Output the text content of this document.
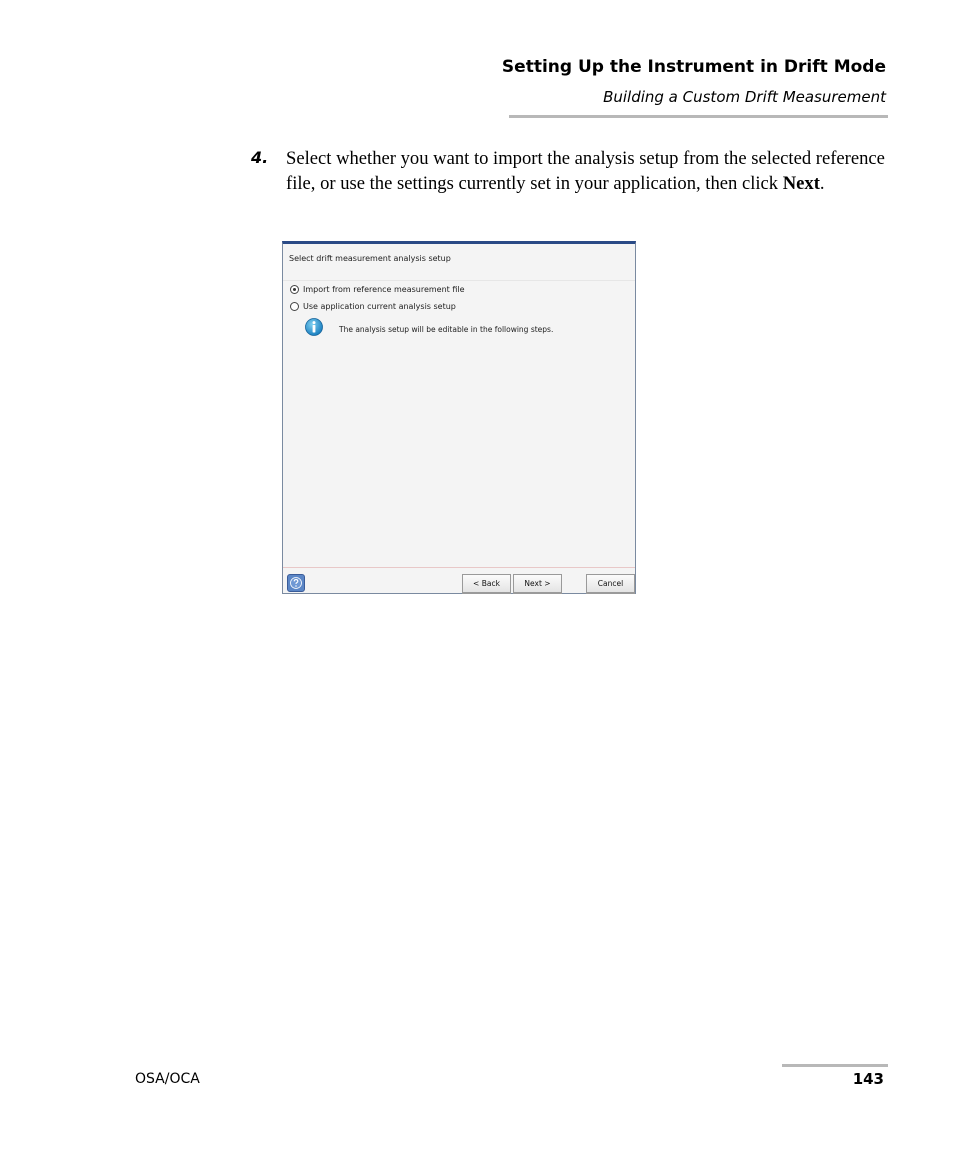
Setting Up the Instrument in Drift Mode
Building a Custom Drift Measurement
4. Select whether you want to import the analysis setup from the selected reference file, or use the settings currently set in your application, then click Next.
Select drift measurement analysis setup
Import from reference measurement file
Use application current analysis setup
The analysis setup will be editable in the following steps.
< Back	Next >	Cancel
OSA/OCA	143
